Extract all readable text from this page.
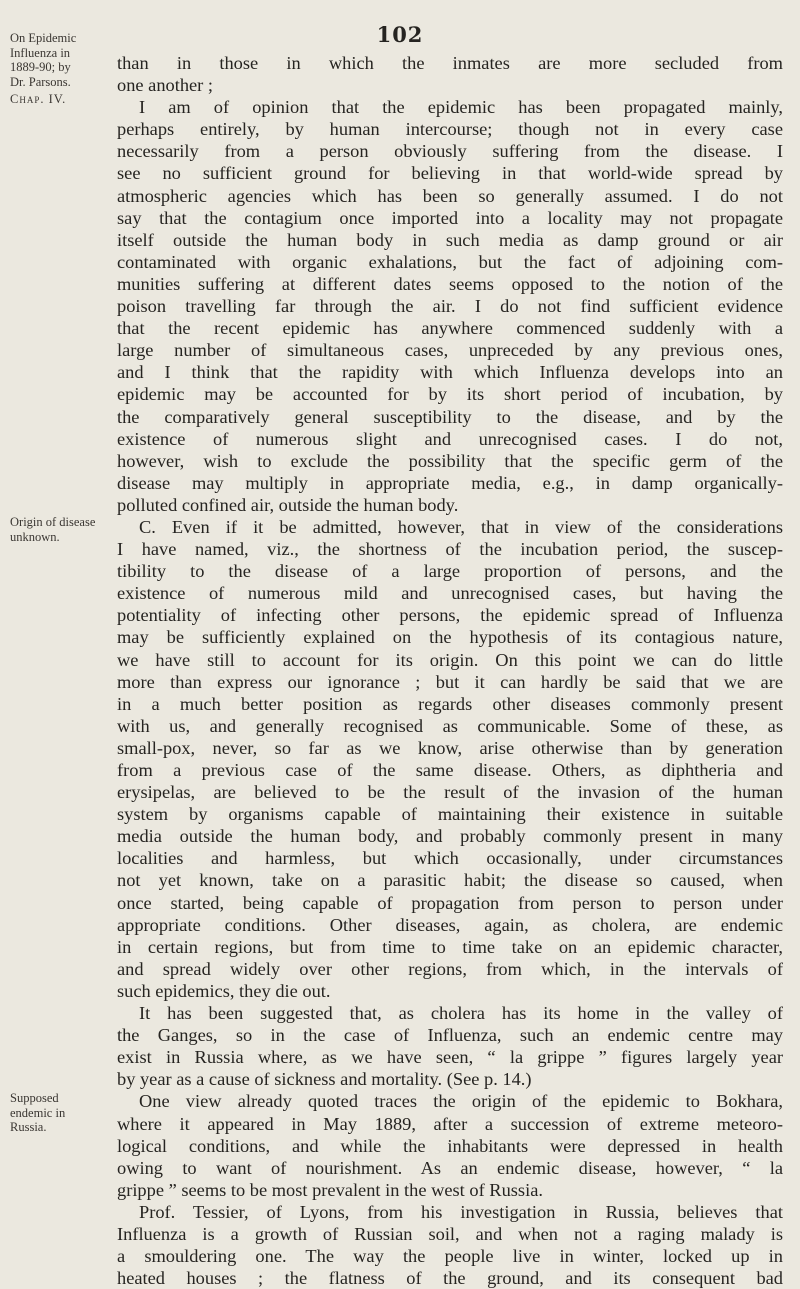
102
On Epidemic
Influenza in
1889-90; by
Dr. Parsons.
Chap. IV.
Origin of disease
unknown.
Supposed
endemic in
Russia.
than in those in which the inmates are more secluded from
one another ;
I am of opinion that the epidemic has been propagated mainly,
perhaps entirely, by human intercourse; though not in every case
necessarily from a person obviously suffering from the disease. I
see no sufficient ground for believing in that world-wide spread by
atmospheric agencies which has been so generally assumed. I do not
say that the contagium once imported into a locality may not propagate
itself outside the human body in such media as damp ground or air
contaminated with organic exhalations, but the fact of adjoining com-
munities suffering at different dates seems opposed to the notion of the
poison travelling far through the air. I do not find sufficient evidence
that the recent epidemic has anywhere commenced suddenly with a
large number of simultaneous cases, unpreceded by any previous ones,
and I think that the rapidity with which Influenza develops into an
epidemic may be accounted for by its short period of incubation, by
the comparatively general susceptibility to the disease, and by the
existence of numerous slight and unrecognised cases. I do not,
however, wish to exclude the possibility that the specific germ of the
disease may multiply in appropriate media, e.g., in damp organically-
polluted confined air, outside the human body.
C. Even if it be admitted, however, that in view of the considerations
I have named, viz., the shortness of the incubation period, the suscep-
tibility to the disease of a large proportion of persons, and the
existence of numerous mild and unrecognised cases, but having the
potentiality of infecting other persons, the epidemic spread of Influenza
may be sufficiently explained on the hypothesis of its contagious nature,
we have still to account for its origin. On this point we can do little
more than express our ignorance ; but it can hardly be said that we are
in a much better position as regards other diseases commonly present
with us, and generally recognised as communicable. Some of these, as
small-pox, never, so far as we know, arise otherwise than by generation
from a previous case of the same disease. Others, as diphtheria and
erysipelas, are believed to be the result of the invasion of the human
system by organisms capable of maintaining their existence in suitable
media outside the human body, and probably commonly present in many
localities and harmless, but which occasionally, under circumstances
not yet known, take on a parasitic habit; the disease so caused, when
once started, being capable of propagation from person to person under
appropriate conditions. Other diseases, again, as cholera, are endemic
in certain regions, but from time to time take on an epidemic character,
and spread widely over other regions, from which, in the intervals of
such epidemics, they die out.
It has been suggested that, as cholera has its home in the valley of
the Ganges, so in the case of Influenza, such an endemic centre may
exist in Russia where, as we have seen, “ la grippe ” figures largely year
by year as a cause of sickness and mortality. (See p. 14.)
One view already quoted traces the origin of the epidemic to Bokhara,
where it appeared in May 1889, after a succession of extreme meteoro-
logical conditions, and while the inhabitants were depressed in health
owing to want of nourishment. As an endemic disease, however, “ la
grippe ” seems to be most prevalent in the west of Russia.
Prof. Tessier, of Lyons, from his investigation in Russia, believes that
Influenza is a growth of Russian soil, and when not a raging malady is
a smouldering one. The way the people live in winter, locked up in
heated houses ; the flatness of the ground, and its consequent bad
